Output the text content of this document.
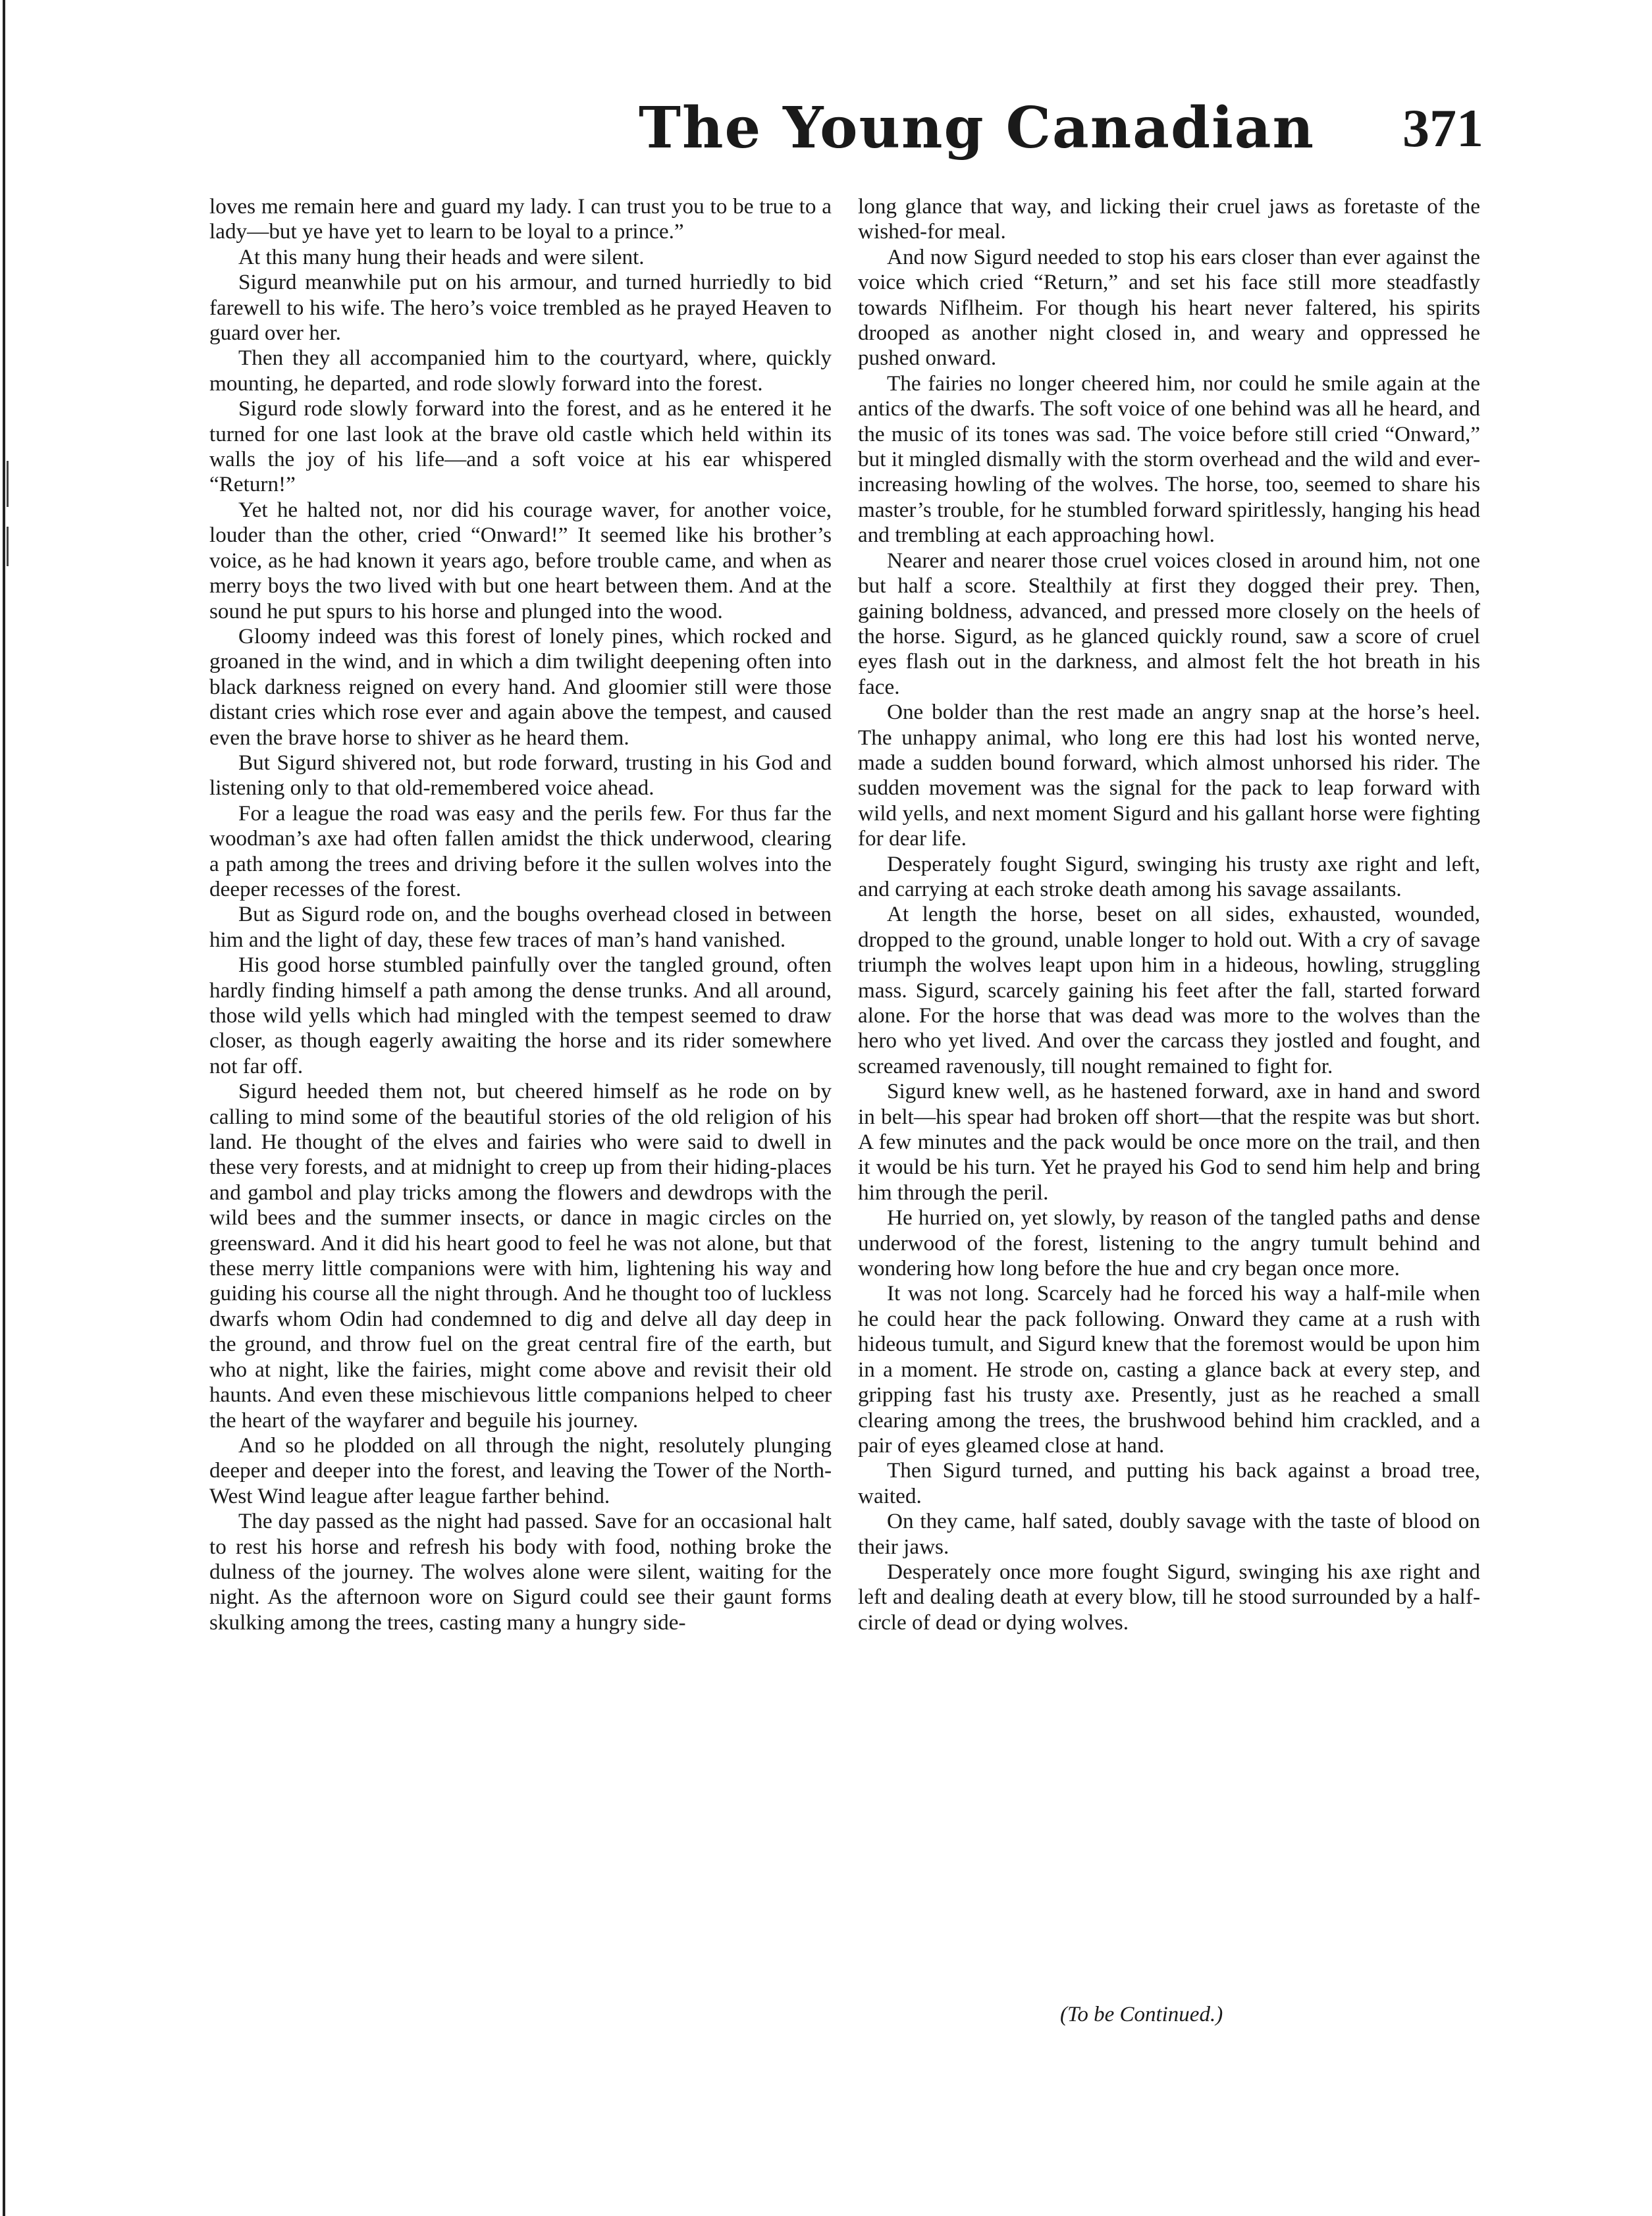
The Young Canadian 371

loves me remain here and guard my lady. I can trust you to be true to a lady—but ye have yet to learn to be loyal to a prince.”

At this many hung their heads and were silent.

Sigurd meanwhile put on his armour, and turned hurriedly to bid farewell to his wife. The hero’s voice trembled as he prayed Heaven to guard over her.

Then they all accompanied him to the courtyard, where, quickly mounting, he departed, and rode slowly forward into the forest.

Sigurd rode slowly forward into the forest, and as he entered it he turned for one last look at the brave old castle which held within its walls the joy of his life—and a soft voice at his ear whispered “Return!”

Yet he halted not, nor did his courage waver, for another voice, louder than the other, cried “Onward!” It seemed like his brother’s voice, as he had known it years ago, before trouble came, and when as merry boys the two lived with but one heart between them. And at the sound he put spurs to his horse and plunged into the wood.

Gloomy indeed was this forest of lonely pines, which rocked and groaned in the wind, and in which a dim twilight deepening often into black darkness reigned on every hand. And gloomier still were those distant cries which rose ever and again above the tempest, and caused even the brave horse to shiver as he heard them.

But Sigurd shivered not, but rode forward, trusting in his God and listening only to that old-remembered voice ahead.

For a league the road was easy and the perils few. For thus far the woodman’s axe had often fallen amidst the thick underwood, clearing a path among the trees and driving before it the sullen wolves into the deeper recesses of the forest.

But as Sigurd rode on, and the boughs overhead closed in between him and the light of day, these few traces of man’s hand vanished.

His good horse stumbled painfully over the tangled ground, often hardly finding himself a path among the dense trunks. And all around, those wild yells which had mingled with the tempest seemed to draw closer, as though eagerly awaiting the horse and its rider somewhere not far off.

Sigurd heeded them not, but cheered himself as he rode on by calling to mind some of the beautiful stories of the old religion of his land. He thought of the elves and fairies who were said to dwell in these very forests, and at midnight to creep up from their hiding-places and gambol and play tricks among the flowers and dewdrops with the wild bees and the summer insects, or dance in magic circles on the greensward. And it did his heart good to feel he was not alone, but that these merry little companions were with him, lightening his way and guiding his course all the night through. And he thought too of luckless dwarfs whom Odin had condemned to dig and delve all day deep in the ground, and throw fuel on the great central fire of the earth, but who at night, like the fairies, might come above and revisit their old haunts. And even these mischievous little companions helped to cheer the heart of the wayfarer and beguile his journey.

And so he plodded on all through the night, resolutely plunging deeper and deeper into the forest, and leaving the Tower of the North-West Wind league after league farther behind.

The day passed as the night had passed. Save for an occasional halt to rest his horse and refresh his body with food, nothing broke the dulness of the journey. The wolves alone were silent, waiting for the night. As the afternoon wore on Sigurd could see their gaunt forms skulking among the trees, casting many a hungry side-

long glance that way, and licking their cruel jaws as foretaste of the wished-for meal.

And now Sigurd needed to stop his ears closer than ever against the voice which cried “Return,” and set his face still more steadfastly towards Niflheim. For though his heart never faltered, his spirits drooped as another night closed in, and weary and oppressed he pushed onward.

The fairies no longer cheered him, nor could he smile again at the antics of the dwarfs. The soft voice of one behind was all he heard, and the music of its tones was sad. The voice before still cried “Onward,” but it mingled dismally with the storm overhead and the wild and ever-increasing howling of the wolves. The horse, too, seemed to share his master’s trouble, for he stumbled forward spiritlessly, hanging his head and trembling at each approaching howl.

Nearer and nearer those cruel voices closed in around him, not one but half a score. Stealthily at first they dogged their prey. Then, gaining boldness, advanced, and pressed more closely on the heels of the horse. Sigurd, as he glanced quickly round, saw a score of cruel eyes flash out in the darkness, and almost felt the hot breath in his face.

One bolder than the rest made an angry snap at the horse’s heel. The unhappy animal, who long ere this had lost his wonted nerve, made a sudden bound forward, which almost unhorsed his rider. The sudden movement was the signal for the pack to leap forward with wild yells, and next moment Sigurd and his gallant horse were fighting for dear life.

Desperately fought Sigurd, swinging his trusty axe right and left, and carrying at each stroke death among his savage assailants.

At length the horse, beset on all sides, exhausted, wounded, dropped to the ground, unable longer to hold out. With a cry of savage triumph the wolves leapt upon him in a hideous, howling, struggling mass. Sigurd, scarcely gaining his feet after the fall, started forward alone. For the horse that was dead was more to the wolves than the hero who yet lived. And over the carcass they jostled and fought, and screamed ravenously, till nought remained to fight for.

Sigurd knew well, as he hastened forward, axe in hand and sword in belt—his spear had broken off short—that the respite was but short. A few minutes and the pack would be once more on the trail, and then it would be his turn. Yet he prayed his God to send him help and bring him through the peril.

He hurried on, yet slowly, by reason of the tangled paths and dense underwood of the forest, listening to the angry tumult behind and wondering how long before the hue and cry began once more.

It was not long. Scarcely had he forced his way a half-mile when he could hear the pack following. Onward they came at a rush with hideous tumult, and Sigurd knew that the foremost would be upon him in a moment. He strode on, casting a glance back at every step, and gripping fast his trusty axe. Presently, just as he reached a small clearing among the trees, the brushwood behind him crackled, and a pair of eyes gleamed close at hand.

Then Sigurd turned, and putting his back against a broad tree, waited.

On they came, half sated, doubly savage with the taste of blood on their jaws.

Desperately once more fought Sigurd, swinging his axe right and left and dealing death at every blow, till he stood surrounded by a half-circle of dead or dying wolves.

(To be Continued.)
